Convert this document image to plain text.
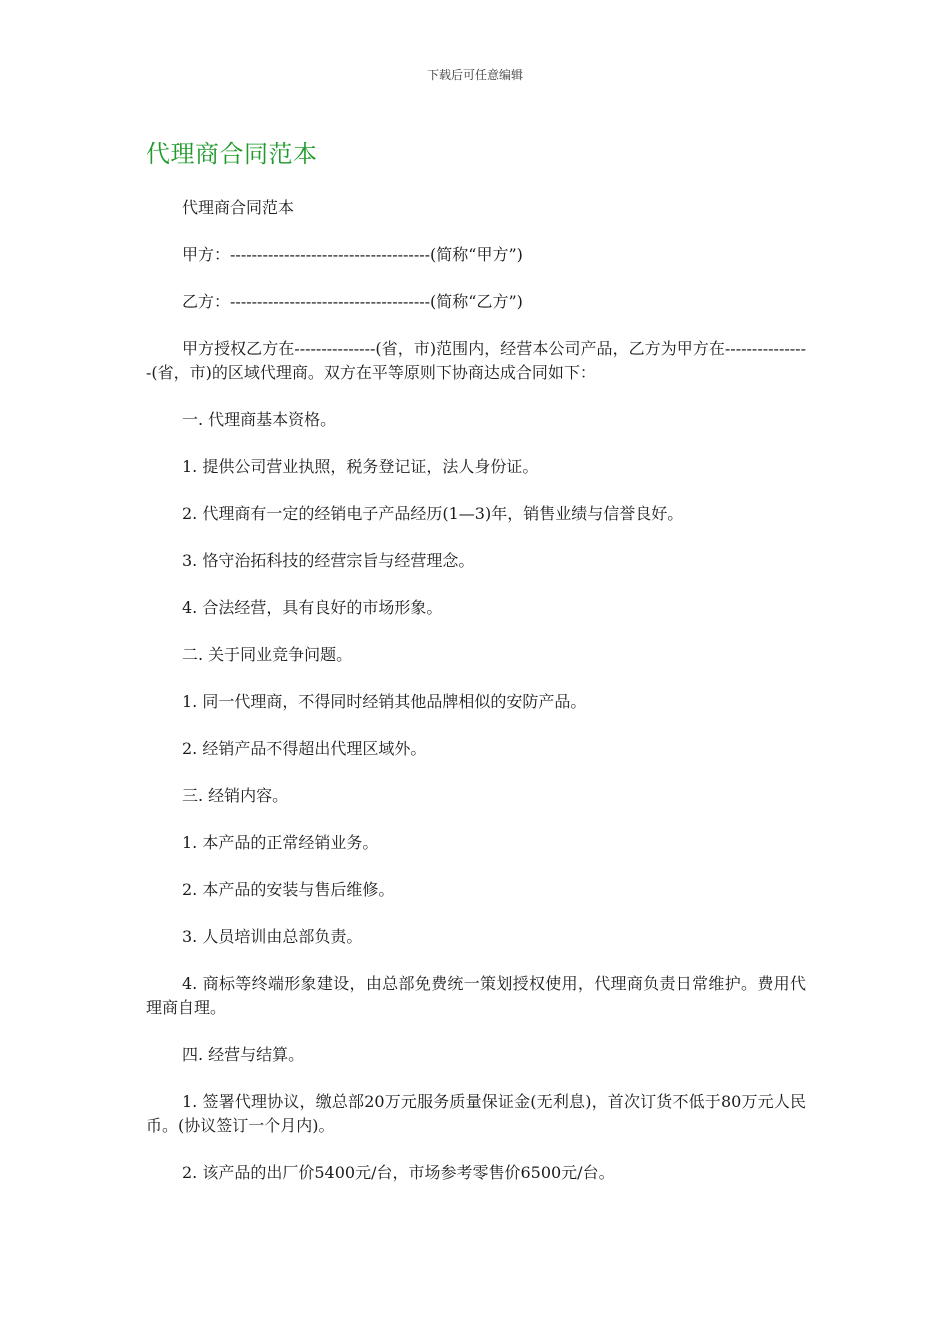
下载后可任意编辑
代理商合同范本

代理商合同范本

甲方：-------------------------------------(简称“甲方”)

乙方：-------------------------------------(简称“乙方”)

甲方授权乙方在---------------(省，市)范围内，经营本公司产品，乙方为甲方在----------------(省，市)的区域代理商。双方在平等原则下协商达成合同如下：

一. 代理商基本资格。

1. 提供公司营业执照，税务登记证，法人身份证。

2. 代理商有一定的经销电子产品经历(1—3)年，销售业绩与信誉良好。

3. 恪守治拓科技的经营宗旨与经营理念。

4. 合法经营，具有良好的市场形象。

二. 关于同业竞争问题。

1. 同一代理商，不得同时经销其他品牌相似的安防产品。

2. 经销产品不得超出代理区域外。

三. 经销内容。

1. 本产品的正常经销业务。

2. 本产品的安装与售后维修。

3. 人员培训由总部负责。

4. 商标等终端形象建设，由总部免费统一策划授权使用，代理商负责日常维护。费用代理商自理。

四. 经营与结算。

1. 签署代理协议，缴总部20万元服务质量保证金(无利息)，首次订货不低于80万元人民币。(协议签订一个月内)。

2. 该产品的出厂价5400元/台，市场参考零售价6500元/台。
